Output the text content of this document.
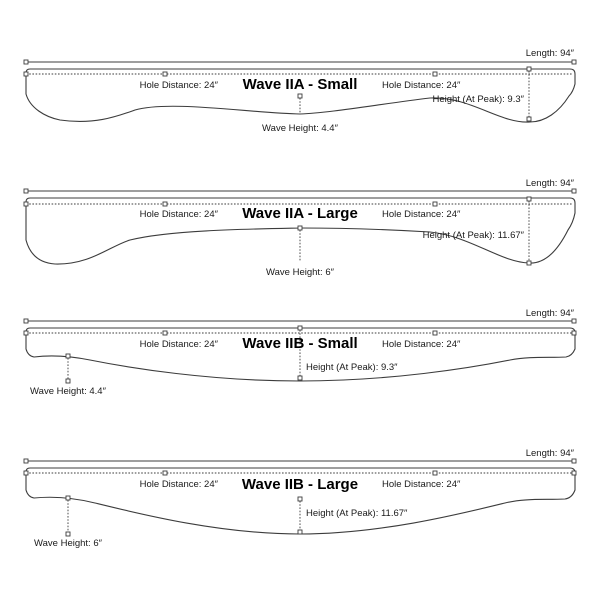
Length: 94″
Wave IIA - Small
Hole Distance: 24″	Hole Distance: 24″
Height (At Peak): 9.3″
Wave Height: 4.4″
Length: 94″
Wave IIA - Large
Hole Distance: 24″	Hole Distance: 24″
Height (At Peak): 11.67″
Wave Height: 6″
Length: 94″
Wave IIB - Small
Hole Distance: 24″	Hole Distance: 24″
Height (At Peak): 9.3″
Wave Height: 4.4″
Length: 94″
Wave IIB - Large
Hole Distance: 24″	Hole Distance: 24″
Height (At Peak): 11.67″
Wave Height: 6″
